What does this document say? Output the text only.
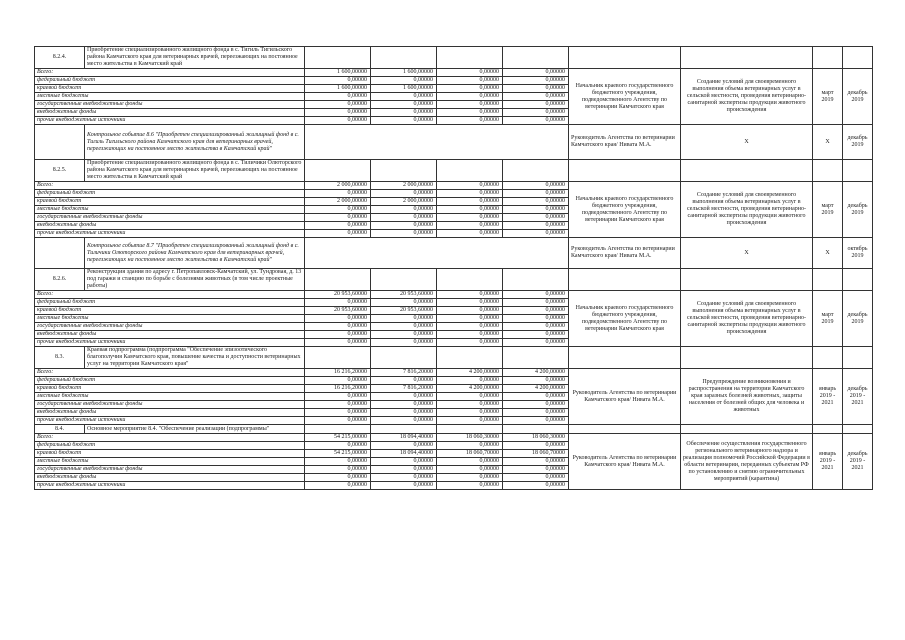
8.2.4.	Приобретение специализированного жилищного фонда в с. Тигиль Тигильского района Камчатского края для ветеринарных врачей, переезжающих на постоянное место жительства в Камчатский край								
Всего:		1 600,00000	1 600,00000	0,00000	0,00000	Начальник краевого государственного бюджетного учреждения, подведомственного Агентству по ветеринарии Камчатского края	Создание условий для своевременного выполнения объема ветеринарных услуг в сельской местности, проведения ветеринарно-санитарной экспертизы продукции животного происхождения	март 2019	декабрь 2019
федеральный бюджет		0,00000	0,00000	0,00000	0,00000				
краевой бюджет		1 600,00000	1 600,00000	0,00000	0,00000				
местные бюджеты		0,00000	0,00000	0,00000	0,00000				
государственные внебюджетные фонды		0,00000	0,00000	0,00000	0,00000				
внебюджетные фонды		0,00000	0,00000	0,00000	0,00000				
прочие внебюджетные источники		0,00000	0,00000	0,00000	0,00000				
	Контрольное событие 8.6 "Приобретен специализированный жилищный фонд в с. Тигиль Тигильского района Камчатского края для ветеринарных врачей, переезжающих на постоянное место жительства в Камчатский край"					Руководитель Агентства по ветеринарии Камчатского края/ Нивата М.А.	X	X	декабрь 2019
8.2.5.	Приобретение специализированного жилищного фонда в с. Тиличики Олюторского района Камчатского края для ветеринарных врачей, переезжающих на постоянное место жительства в Камчатский край								
Всего:		2 000,00000	2 000,00000	0,00000	0,00000	Начальник краевого государственного бюджетного учреждения, подведомственного Агентству по ветеринарии Камчатского края	Создание условий для своевременного выполнения объема ветеринарных услуг в сельской местности, проведения ветеринарно-санитарной экспертизы продукции животного происхождения	март 2019	декабрь 2019
федеральный бюджет		0,00000	0,00000	0,00000	0,00000				
краевой бюджет		2 000,00000	2 000,00000	0,00000	0,00000				
местные бюджеты		0,00000	0,00000	0,00000	0,00000				
государственные внебюджетные фонды		0,00000	0,00000	0,00000	0,00000				
внебюджетные фонды		0,00000	0,00000	0,00000	0,00000				
прочие внебюджетные источники		0,00000	0,00000	0,00000	0,00000				
	Контрольное событие 8.7 "Приобретен специализированный жилищный фонд в с. Тиличики Олюторского района Камчатского края для ветеринарных врачей, переезжающих на постоянное место жительства в Камчатский край"					Руководитель Агентства по ветеринарии Камчатского края/ Нивата М.А.	X	X	октябрь 2019
8.2.6.	Реконструкция здания по адресу г. Петропавловск-Камчатский, ул. Тундровая, д. 13 под гаражи и станцию по борьбе с болезнями животных (в том числе проектные работы)								
Всего:		20 953,60000	20 953,60000	0,00000	0,00000	Начальник краевого государственного бюджетного учреждения, подведомственного Агентству по ветеринарии Камчатского края	Создание условий для своевременного выполнения объема ветеринарных услуг в сельской местности, проведения ветеринарно-санитарной экспертизы продукции животного происхождения	март 2019	декабрь 2019
федеральный бюджет		0,00000	0,00000	0,00000	0,00000				
краевой бюджет		20 953,60000	20 953,60000	0,00000	0,00000				
местные бюджеты		0,00000	0,00000	0,00000	0,00000				
государственные внебюджетные фонды		0,00000	0,00000	0,00000	0,00000				
внебюджетные фонды		0,00000	0,00000	0,00000	0,00000				
прочие внебюджетные источники		0,00000	0,00000	0,00000	0,00000				
8.3.	Краевая подпрограмма (подпрограмма "Обеспечение эпизоотического благополучия Камчатского края, повышение качества и доступности ветеринарных услуг на территории Камчатского края"								
Всего:		16 216,20000	7 816,20000	4 200,00000	4 200,00000	Руководитель Агентства по ветеринарии Камчатского края/ Нивата М.А.	Предупреждение возникновения и распространения на территории Камчатского края заразных болезней животных, защиты населения от болезней общих для человека и животных	январь 2019 - 2021	декабрь 2019 - 2021
федеральный бюджет		0,00000	0,00000	0,00000	0,00000				
краевой бюджет		16 216,20000	7 816,20000	4 200,00000	4 200,00000				
местные бюджеты		0,00000	0,00000	0,00000	0,00000				
государственные внебюджетные фонды		0,00000	0,00000	0,00000	0,00000				
внебюджетные фонды		0,00000	0,00000	0,00000	0,00000				
прочие внебюджетные источники		0,00000	0,00000	0,00000	0,00000				
8.4.	Основное мероприятие 8.4. "Обеспечение реализации (подпрограммы"								
Всего:		54 215,00000	18 094,40000	18 060,30000	18 060,30000	Руководитель Агентства по ветеринарии Камчатского края/ Нивата М.А.	Обеспечение осуществления государственного регионального ветеринарного надзора и реализация полномочий Российской Федерации в области ветеринарии, переданных субъектам РФ по установлению и снятию ограничительных мероприятий (карантина)	январь 2019 - 2021	декабрь 2019 - 2021
федеральный бюджет		0,00000	0,00000	0,00000	0,00000				
краевой бюджет		54 215,00000	18 094,40000	18 060,70000	18 060,70000				
местные бюджеты		0,00000	0,00000	0,00000	0,00000				
государственные внебюджетные фонды		0,00000	0,00000	0,00000	0,00000				
внебюджетные фонды		0,00000	0,00000	0,00000	0,00000				
прочие внебюджетные источники		0,00000	0,00000	0,00000	0,00000				
